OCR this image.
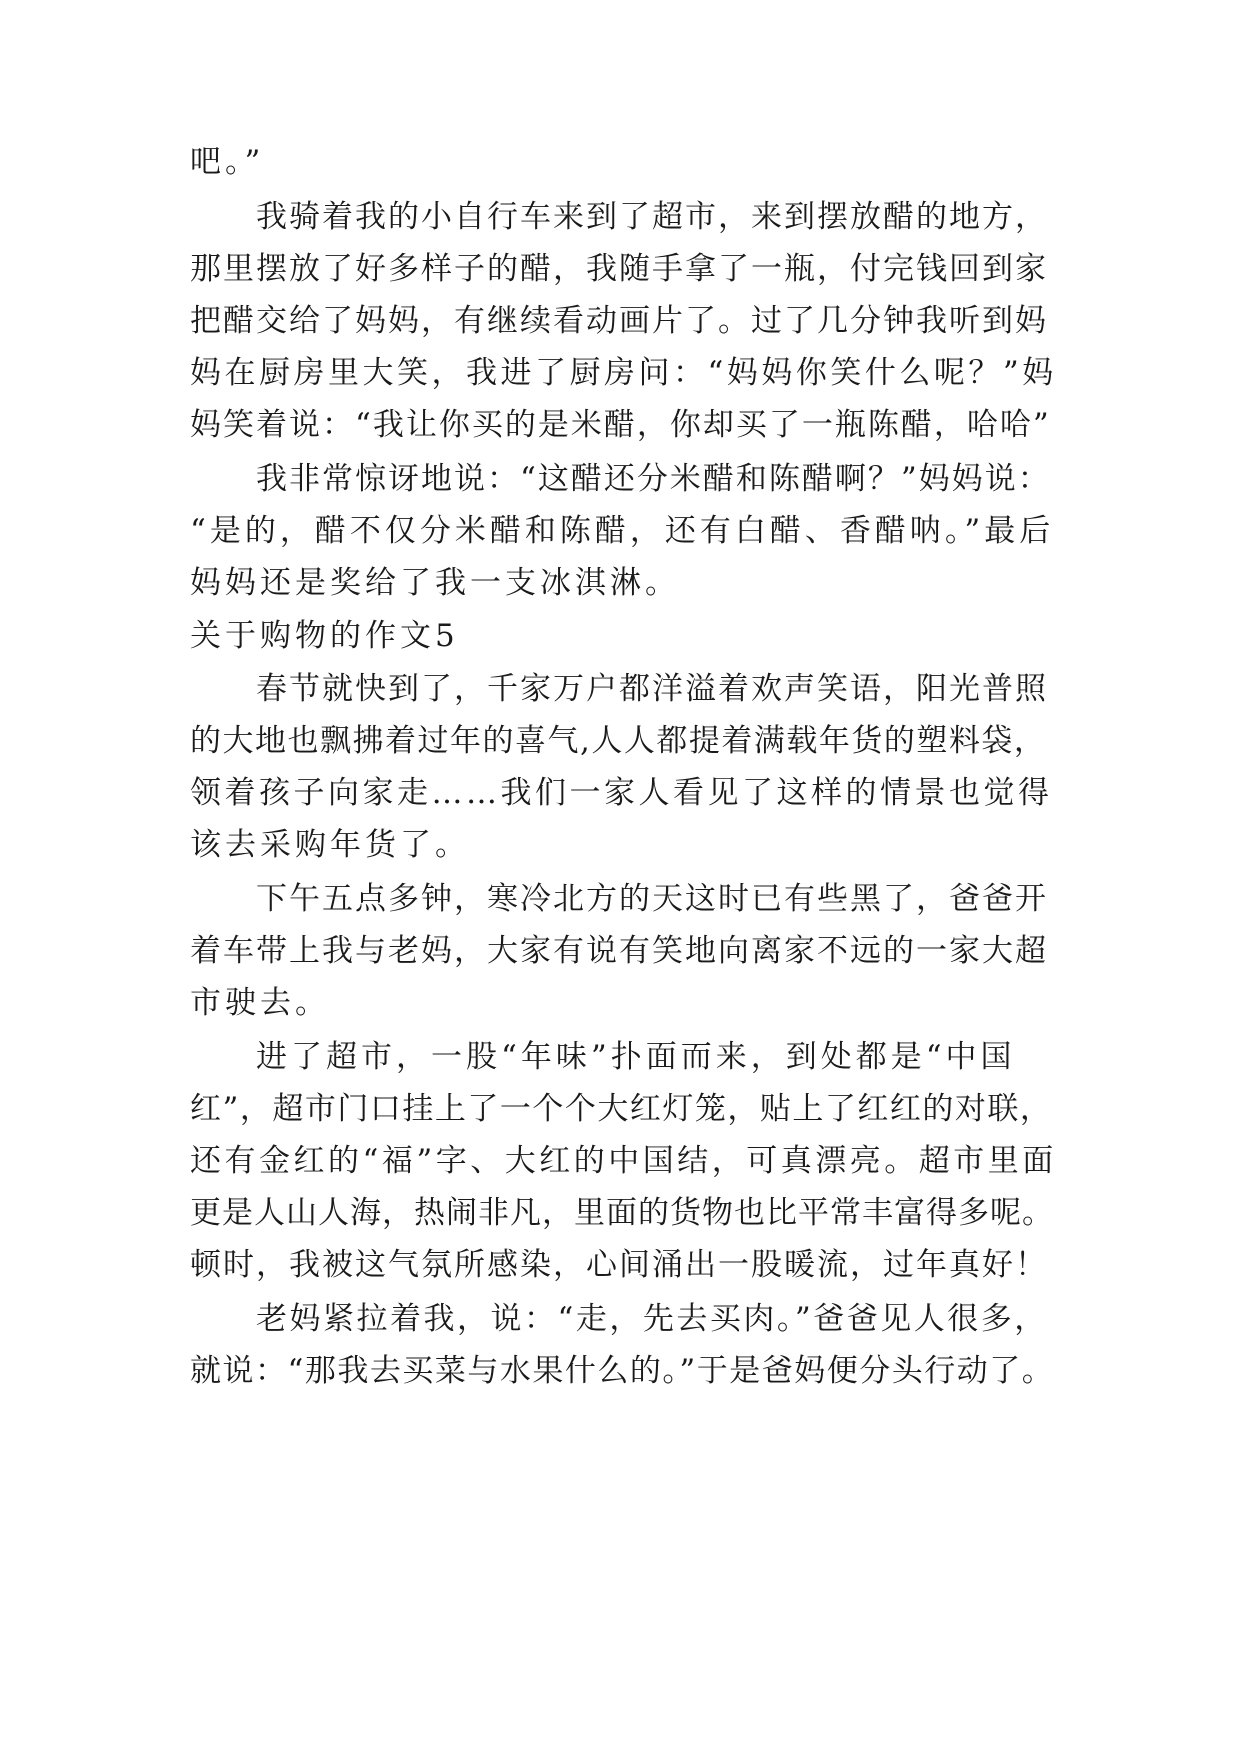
吧。”
我骑着我的小自行车来到了超市，来到摆放醋的地方，
那里摆放了好多样子的醋，我随手拿了一瓶，付完钱回到家
把醋交给了妈妈，有继续看动画片了。过了几分钟我听到妈
妈在厨房里大笑，我进了厨房问：“妈妈你笑什么呢？”妈
妈笑着说：“我让你买的是米醋，你却买了一瓶陈醋，哈哈”
我非常惊讶地说：“这醋还分米醋和陈醋啊？”妈妈说：
“是的，醋不仅分米醋和陈醋，还有白醋、香醋呐。”最后
妈妈还是奖给了我一支冰淇淋。
关于购物的作文5
春节就快到了，千家万户都洋溢着欢声笑语，阳光普照
的大地也飘拂着过年的喜气,人人都提着满载年货的塑料袋，
领着孩子向家走……我们一家人看见了这样的情景也觉得
该去采购年货了。
下午五点多钟，寒冷北方的天这时已有些黑了，爸爸开
着车带上我与老妈，大家有说有笑地向离家不远的一家大超
市驶去。
进了超市，一股“年味”扑面而来，到处都是“中国
红”，超市门口挂上了一个个大红灯笼，贴上了红红的对联，
还有金红的“福”字、大红的中国结，可真漂亮。超市里面
更是人山人海，热闹非凡，里面的货物也比平常丰富得多呢。
顿时，我被这气氛所感染，心间涌出一股暖流，过年真好！
老妈紧拉着我，说：“走，先去买肉。”爸爸见人很多，
就说：“那我去买菜与水果什么的。”于是爸妈便分头行动了。
